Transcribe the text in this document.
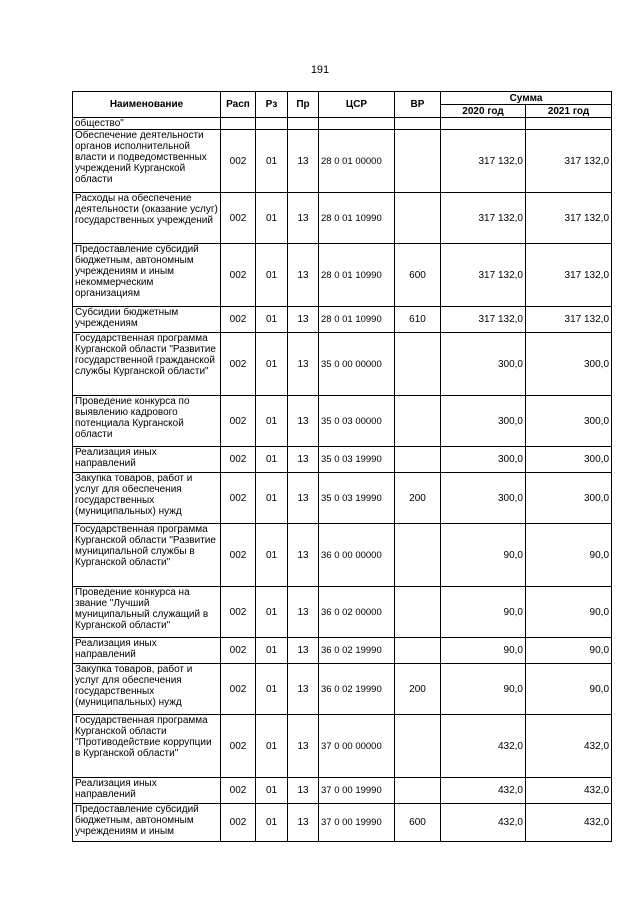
191
Наименование	Расп	Рз	Пр	ЦСР	ВР	Сумма	
						2020 год	2021 год
общество"							
Обеспечение деятельности органов исполнительной власти и подведомственных учреждений Курганской области	002	01	13	28 0 01 00000		317 132,0	317 132,0
Расходы на обеспечение деятельности (оказание услуг) государственных учреждений	002	01	13	28 0 01 10990		317 132,0	317 132,0
Предоставление субсидий бюджетным, автономным учреждениям и иным некоммерческим организациям	002	01	13	28 0 01 10990	600	317 132,0	317 132,0
Субсидии бюджетным учреждениям	002	01	13	28 0 01 10990	610	317 132,0	317 132,0
Государственная программа Курганской области "Развитие государственной гражданской службы Курганской области"	002	01	13	35 0 00 00000		300,0	300,0
Проведение конкурса по выявлению кадрового потенциала Курганской области	002	01	13	35 0 03 00000		300,0	300,0
Реализация иных направлений	002	01	13	35 0 03 19990		300,0	300,0
Закупка товаров, работ и услуг для обеспечения государственных (муниципальных) нужд	002	01	13	35 0 03 19990	200	300,0	300,0
Государственная программа Курганской области "Развитие муниципальной службы в Курганской области"	002	01	13	36 0 00 00000		90,0	90,0
Проведение конкурса на звание "Лучший муниципальный служащий в Курганской области"	002	01	13	36 0 02 00000		90,0	90,0
Реализация иных направлений	002	01	13	36 0 02 19990		90,0	90,0
Закупка товаров, работ и услуг для обеспечения государственных (муниципальных) нужд	002	01	13	36 0 02 19990	200	90,0	90,0
Государственная программа Курганской области "Противодействие коррупции в Курганской области"	002	01	13	37 0 00 00000		432,0	432,0
Реализация иных направлений	002	01	13	37 0 00 19990		432,0	432,0
Предоставление субсидий бюджетным, автономным учреждениям и иным	002	01	13	37 0 00 19990	600	432,0	432,0
